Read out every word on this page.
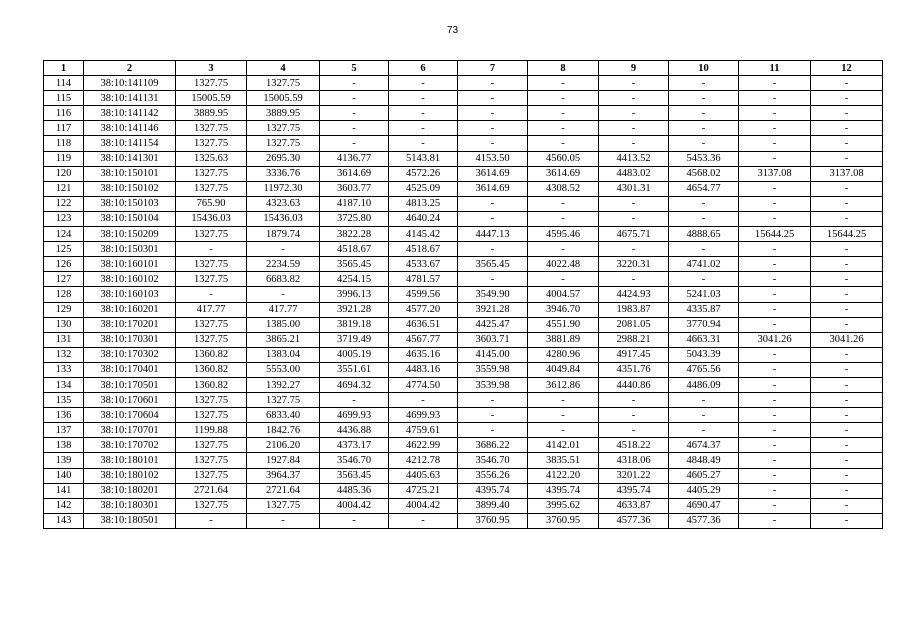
73
1	2	3	4	5	6	7	8	9	10	11	12
114	38:10:141109	1327.75	1327.75	-	-	-	-	-	-	-	-
115	38:10:141131	15005.59	15005.59	-	-	-	-	-	-	-	-
116	38:10:141142	3889.95	3889.95	-	-	-	-	-	-	-	-
117	38:10:141146	1327.75	1327.75	-	-	-	-	-	-	-	-
118	38:10:141154	1327.75	1327.75	-	-	-	-	-	-	-	-
119	38:10:141301	1325.63	2695.30	4136.77	5143.81	4153.50	4560.05	4413.52	5453.36	-	-
120	38:10:150101	1327.75	3336.76	3614.69	4572.26	3614.69	3614.69	4483.02	4568.02	3137.08	3137.08
121	38:10:150102	1327.75	11972.30	3603.77	4525.09	3614.69	4308.52	4301.31	4654.77	-	-
122	38:10:150103	765.90	4323.63	4187.10	4813.25	-	-	-	-	-	-
123	38:10:150104	15436.03	15436.03	3725.80	4640.24	-	-	-	-	-	-
124	38:10:150209	1327.75	1879.74	3822.28	4145.42	4447.13	4595.46	4675.71	4888.65	15644.25	15644.25
125	38:10:150301	-	-	4518.67	4518.67	-	-	-	-	-	-
126	38:10:160101	1327.75	2234.59	3565.45	4533.67	3565.45	4022.48	3220.31	4741.02	-	-
127	38:10:160102	1327.75	6683.82	4254.15	4781.57	-	-	-	-	-	-
128	38:10:160103	-	-	3996.13	4599.56	3549.90	4004.57	4424.93	5241.03	-	-
129	38:10:160201	417.77	417.77	3921.28	4577.20	3921.28	3946.70	1983.87	4335.87	-	-
130	38:10:170201	1327.75	1385.00	3819.18	4636.51	4425.47	4551.90	2081.05	3770.94	-	-
131	38:10:170301	1327.75	3865.21	3719.49	4567.77	3603.71	3881.89	2988.21	4663.31	3041.26	3041.26
132	38:10:170302	1360.82	1383.04	4005.19	4635.16	4145.00	4280.96	4917.45	5043.39	-	-
133	38:10:170401	1360.82	5553.00	3551.61	4483.16	3559.98	4049.84	4351.76	4765.56	-	-
134	38:10:170501	1360.82	1392.27	4694.32	4774.50	3539.98	3612.86	4440.86	4486.09	-	-
135	38:10:170601	1327.75	1327.75	-	-	-	-	-	-	-	-
136	38:10:170604	1327.75	6833.40	4699.93	4699.93	-	-	-	-	-	-
137	38:10:170701	1199.88	1842.76	4436.88	4759.61	-	-	-	-	-	-
138	38:10:170702	1327.75	2106.20	4373.17	4622.99	3686.22	4142.01	4518.22	4674.37	-	-
139	38:10:180101	1327.75	1927.84	3546.70	4212.78	3546.70	3835.51	4318.06	4848.49	-	-
140	38:10:180102	1327.75	3964.37	3563.45	4405.63	3556.26	4122.20	3201.22	4605.27	-	-
141	38:10:180201	2721.64	2721.64	4485.36	4725.21	4395.74	4395.74	4395.74	4405.29	-	-
142	38:10:180301	1327.75	1327.75	4004.42	4004.42	3899.40	3995.62	4633.87	4690.47	-	-
143	38:10:180501	-	-	-	-	3760.95	3760.95	4577.36	4577.36	-	-
